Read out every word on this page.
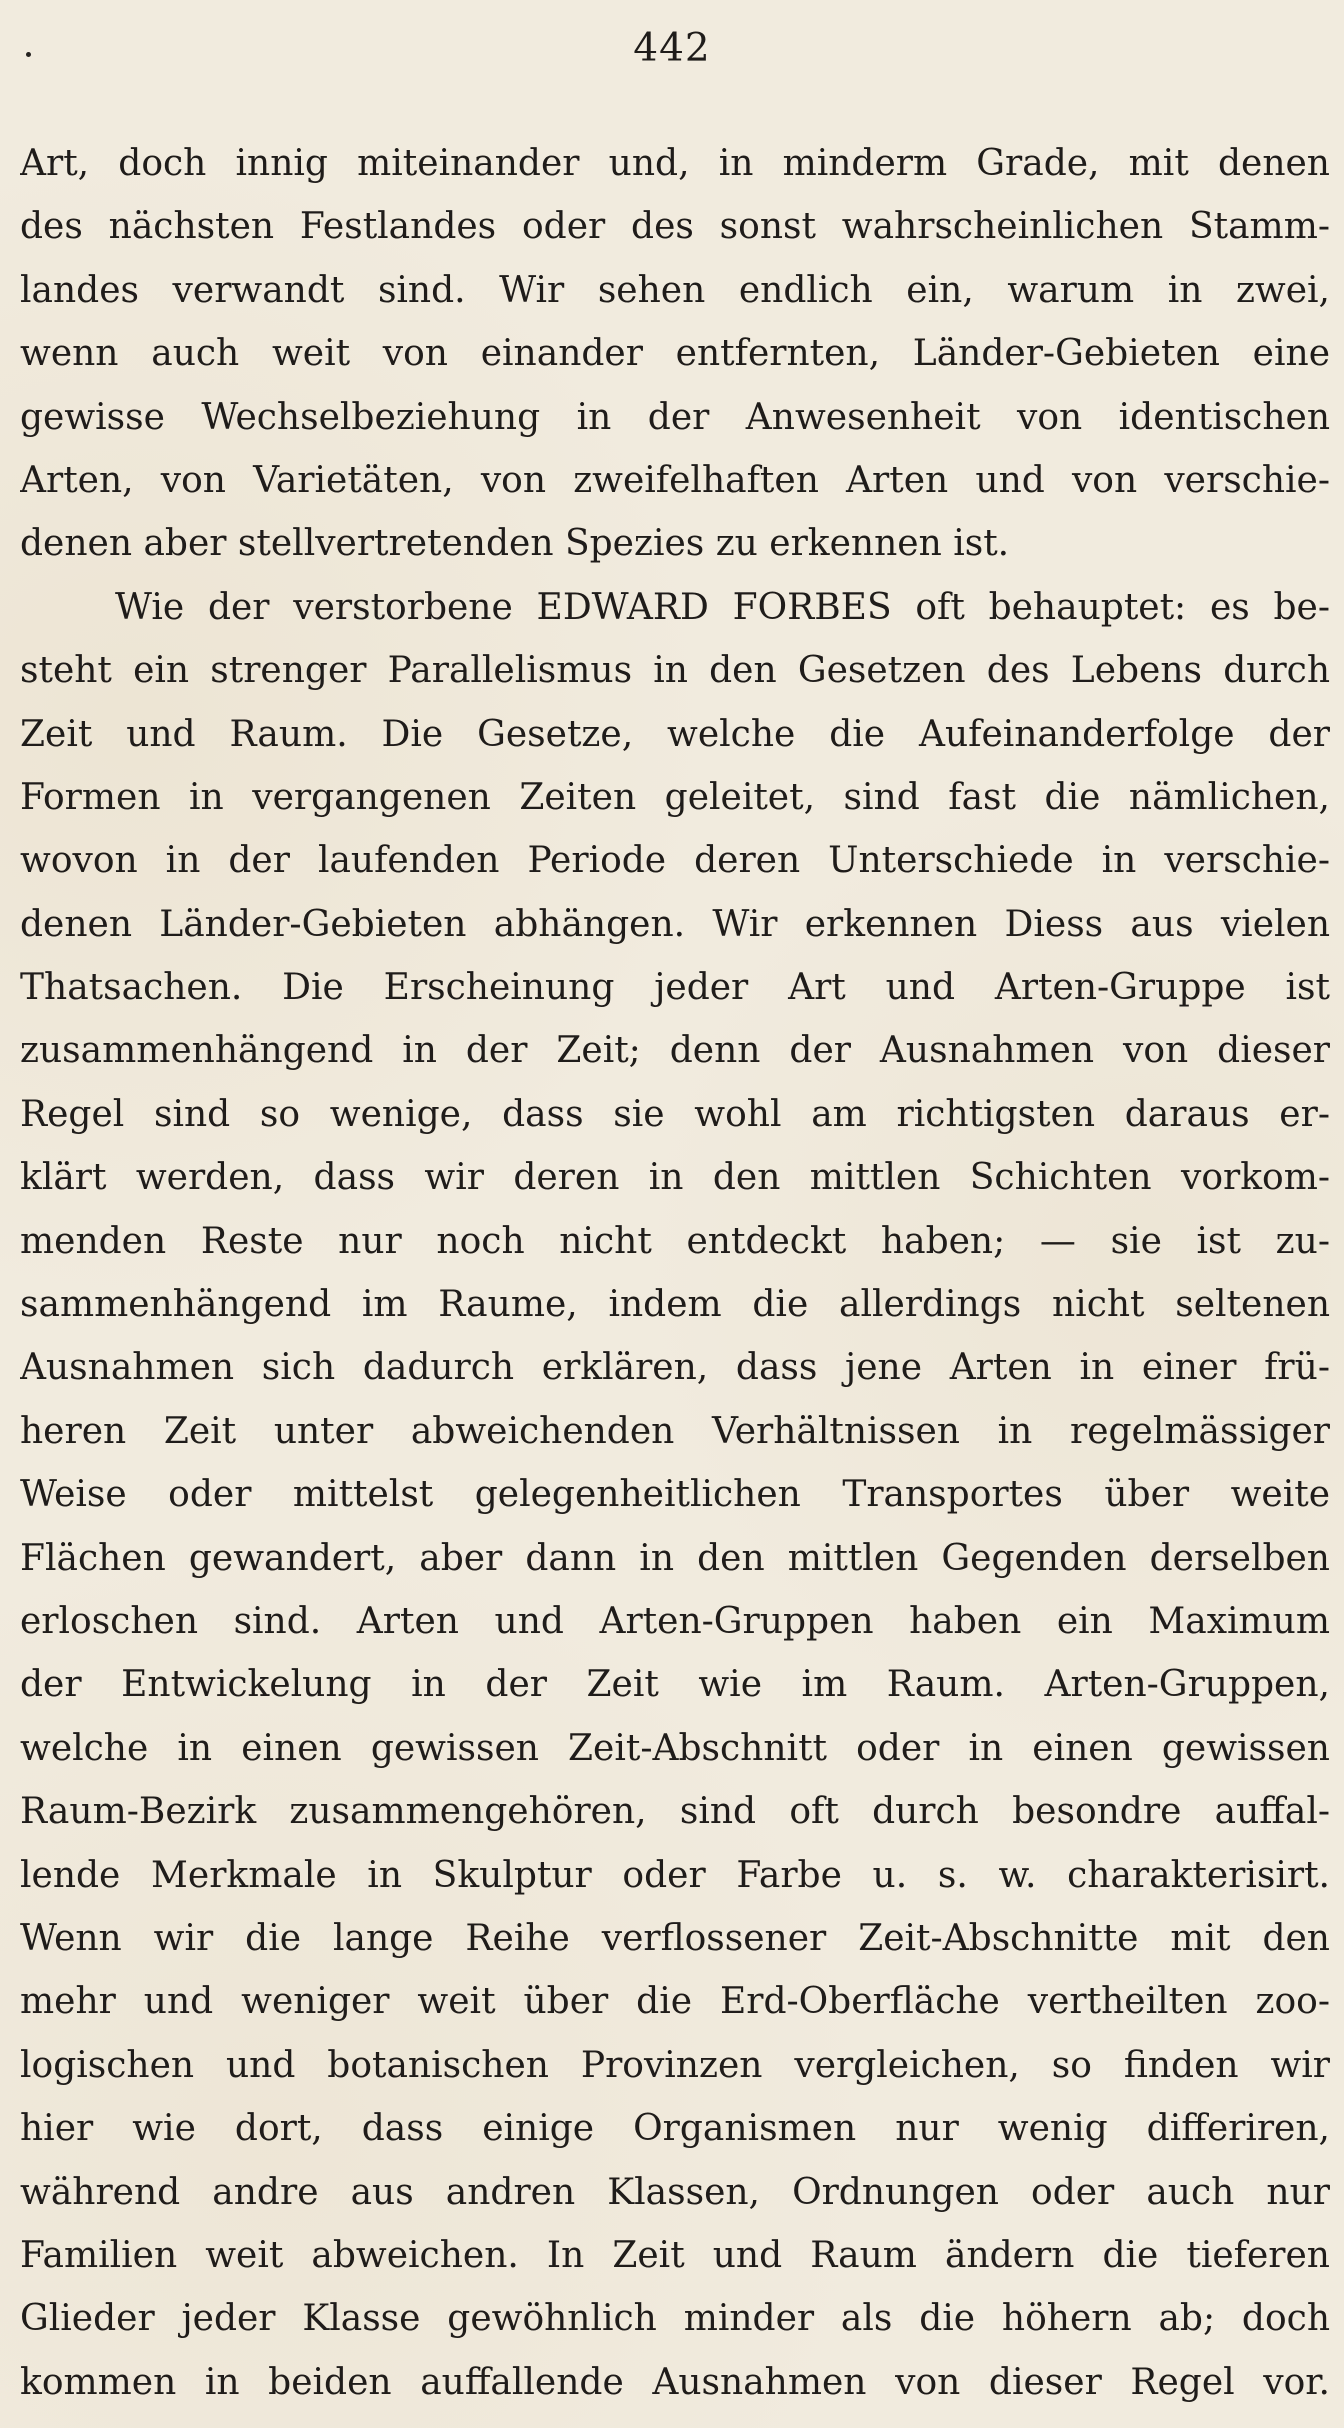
442
Art, doch innig miteinander und, in minderm Grade, mit denen
des nächsten Festlandes oder des sonst wahrscheinlichen Stamm-
landes verwandt sind. Wir sehen endlich ein, warum in zwei,
wenn auch weit von einander entfernten, Länder-Gebieten eine
gewisse Wechselbeziehung in der Anwesenheit von identischen
Arten, von Varietäten, von zweifelhaften Arten und von verschie-
denen aber stellvertretenden Spezies zu erkennen ist.
Wie der verstorbene EDWARD FORBES oft behauptet: es be-
steht ein strenger Parallelismus in den Gesetzen des Lebens durch
Zeit und Raum. Die Gesetze, welche die Aufeinanderfolge der
Formen in vergangenen Zeiten geleitet, sind fast die nämlichen,
wovon in der laufenden Periode deren Unterschiede in verschie-
denen Länder-Gebieten abhängen. Wir erkennen Diess aus vielen
Thatsachen. Die Erscheinung jeder Art und Arten-Gruppe ist
zusammenhängend in der Zeit; denn der Ausnahmen von dieser
Regel sind so wenige, dass sie wohl am richtigsten daraus er-
klärt werden, dass wir deren in den mittlen Schichten vorkom-
menden Reste nur noch nicht entdeckt haben; — sie ist zu-
sammenhängend im Raume, indem die allerdings nicht seltenen
Ausnahmen sich dadurch erklären, dass jene Arten in einer frü-
heren Zeit unter abweichenden Verhältnissen in regelmässiger
Weise oder mittelst gelegenheitlichen Transportes über weite
Flächen gewandert, aber dann in den mittlen Gegenden derselben
erloschen sind. Arten und Arten-Gruppen haben ein Maximum
der Entwickelung in der Zeit wie im Raum. Arten-Gruppen,
welche in einen gewissen Zeit-Abschnitt oder in einen gewissen
Raum-Bezirk zusammengehören, sind oft durch besondre auffal-
lende Merkmale in Skulptur oder Farbe u. s. w. charakterisirt.
Wenn wir die lange Reihe verflossener Zeit-Abschnitte mit den
mehr und weniger weit über die Erd-Oberfläche vertheilten zoo-
logischen und botanischen Provinzen vergleichen, so finden wir
hier wie dort, dass einige Organismen nur wenig differiren,
während andre aus andren Klassen, Ordnungen oder auch nur
Familien weit abweichen. In Zeit und Raum ändern die tieferen
Glieder jeder Klasse gewöhnlich minder als die höhern ab; doch
kommen in beiden auffallende Ausnahmen von dieser Regel vor.
